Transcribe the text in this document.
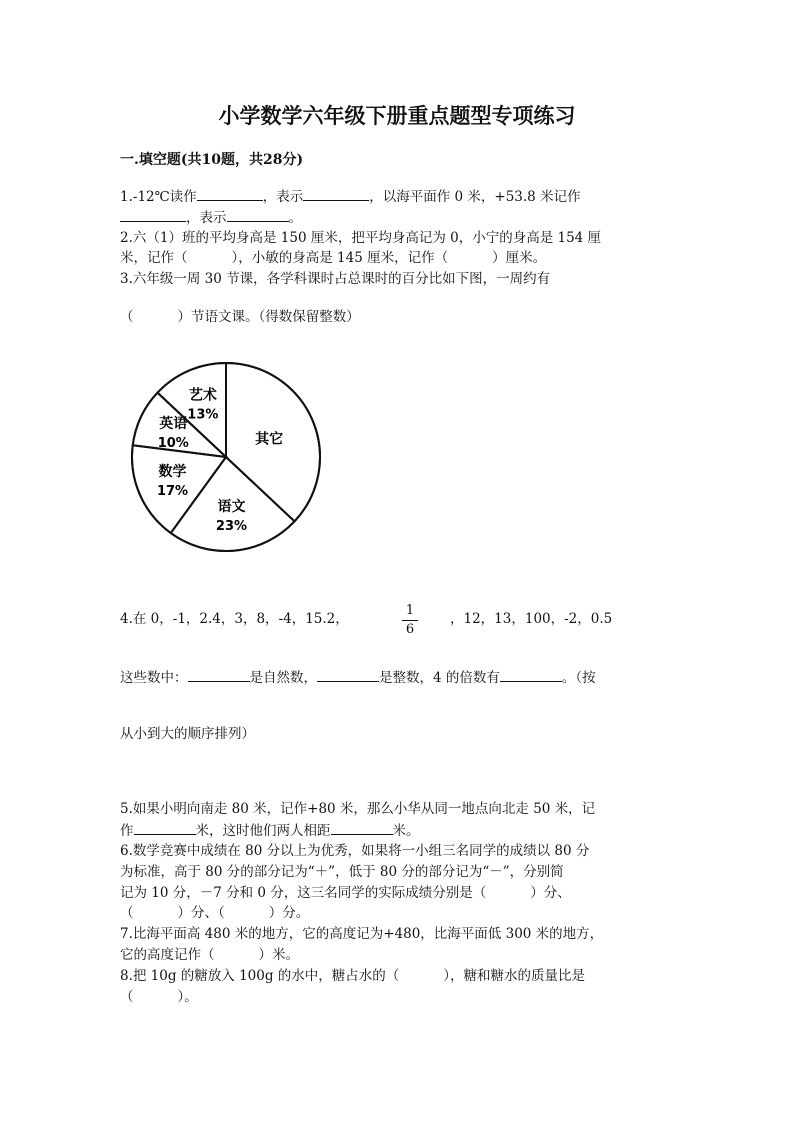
小学数学六年级下册重点题型专项练习
一.填空题(共10题，共28分)
1.-12℃读作	，表示	，以海平面作 0 米，+53.8 米记作
，表示	。
2.六（1）班的平均身高是 150 厘米，把平均身高记为 0，小宁的身高是 154 厘
米，记作（	），小敏的身高是 145 厘米，记作（	）厘米。
3.六年级一周 30 节课，各学科课时占总课时的百分比如下图，一周约有
（	）节语文课。（得数保留整数）
艺术
13%
英语
10%
数学
17%
语文
23%
其它
4.在 0，-1，2.4，3，8，-4，15.2，
1
6
，12，13，100，-2，0.5
这些数中：	是自然数，	是整数，4 的倍数有	。（按
从小到大的顺序排列）
5.如果小明向南走 80 米，记作+80 米，那么小华从同一地点向北走 50 米，记
作	米，这时他们两人相距	米。
6.数学竞赛中成绩在 80 分以上为优秀，如果将一小组三名同学的成绩以 80 分
为标准，高于 80 分的部分记为“＋”，低于 80 分的部分记为“－”，分别简
记为 10 分，－7 分和 0 分，这三名同学的实际成绩分别是（	）分、
（	）分、（	）分。
7.比海平面高 480 米的地方，它的高度记为+480，比海平面低 300 米的地方，
它的高度记作（	）米。
8.把 10g 的糖放入 100g 的水中，糖占水的（	），糖和糖水的质量比是
（	）。
